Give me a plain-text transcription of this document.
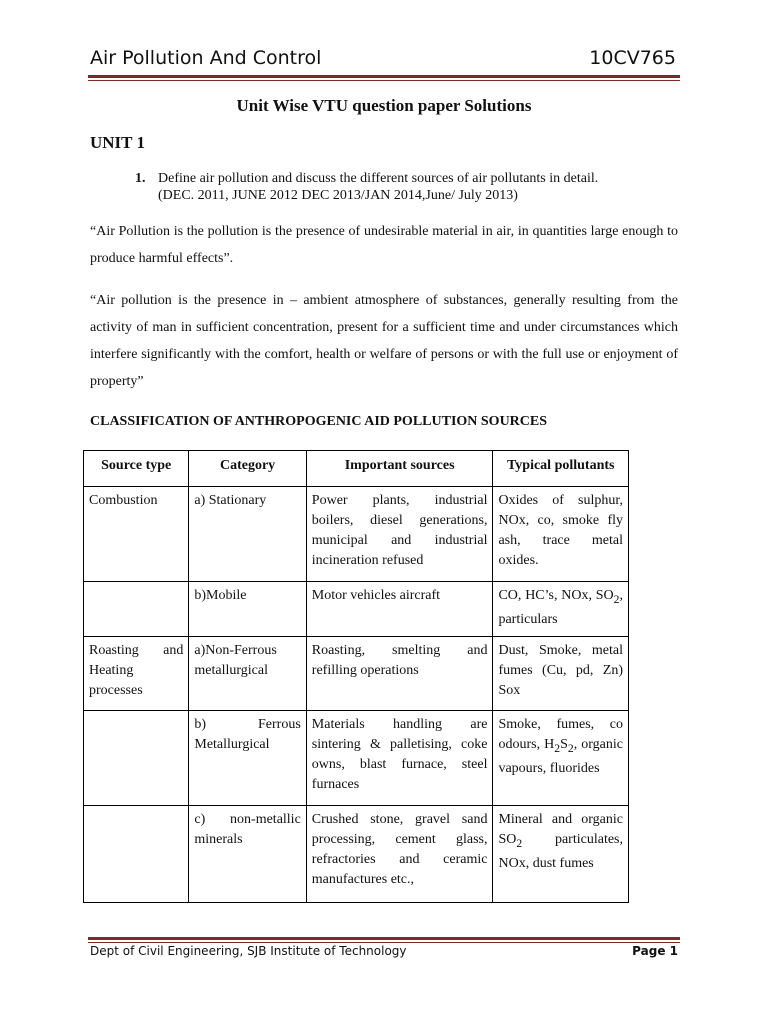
Air Pollution And Control	10CV765
Unit Wise VTU question paper Solutions
UNIT 1
1. Define air pollution and discuss the different sources of air pollutants in detail.
(DEC. 2011, JUNE 2012 DEC 2013/JAN 2014,June/ July 2013)
“Air Pollution is the pollution is the presence of undesirable material in air, in quantities large enough to produce harmful effects”.
“Air pollution is the presence in – ambient atmosphere of substances, generally resulting from the activity of man in sufficient concentration, present for a sufficient time and under circumstances which interfere significantly with the comfort, health or welfare of persons or with the full use or enjoyment of property”
CLASSIFICATION OF ANTHROPOGENIC AID POLLUTION SOURCES
Source type	Category	Important sources	Typical pollutants
Combustion	a) Stationary	Power plants, industrial boilers, diesel generations, municipal and industrial incineration refused	Oxides of sulphur, NOx, co, smoke fly ash, trace metal oxides.
	b)Mobile	Motor vehicles aircraft	CO, HC’s, NOx, $SO_2$, particulars
Roasting and Heating processes	a)Non-Ferrous metallurgical	Roasting, smelting and refilling operations	Dust, Smoke, metal fumes (Cu, pd, Zn) Sox
	b) Ferrous Metallurgical	Materials handling are sintering & palletising, coke owns, blast furnace, steel furnaces	Smoke, fumes, co odours, $H_2S_2$, organic vapours, fluorides
	c) non-metallic minerals	Crushed stone, gravel sand processing, cement glass, refractories and ceramic manufactures etc.,	Mineral and organic $SO_2$ particulates, NOx, dust fumes
Dept of Civil Engineering, SJB Institute of Technology	Page 1
